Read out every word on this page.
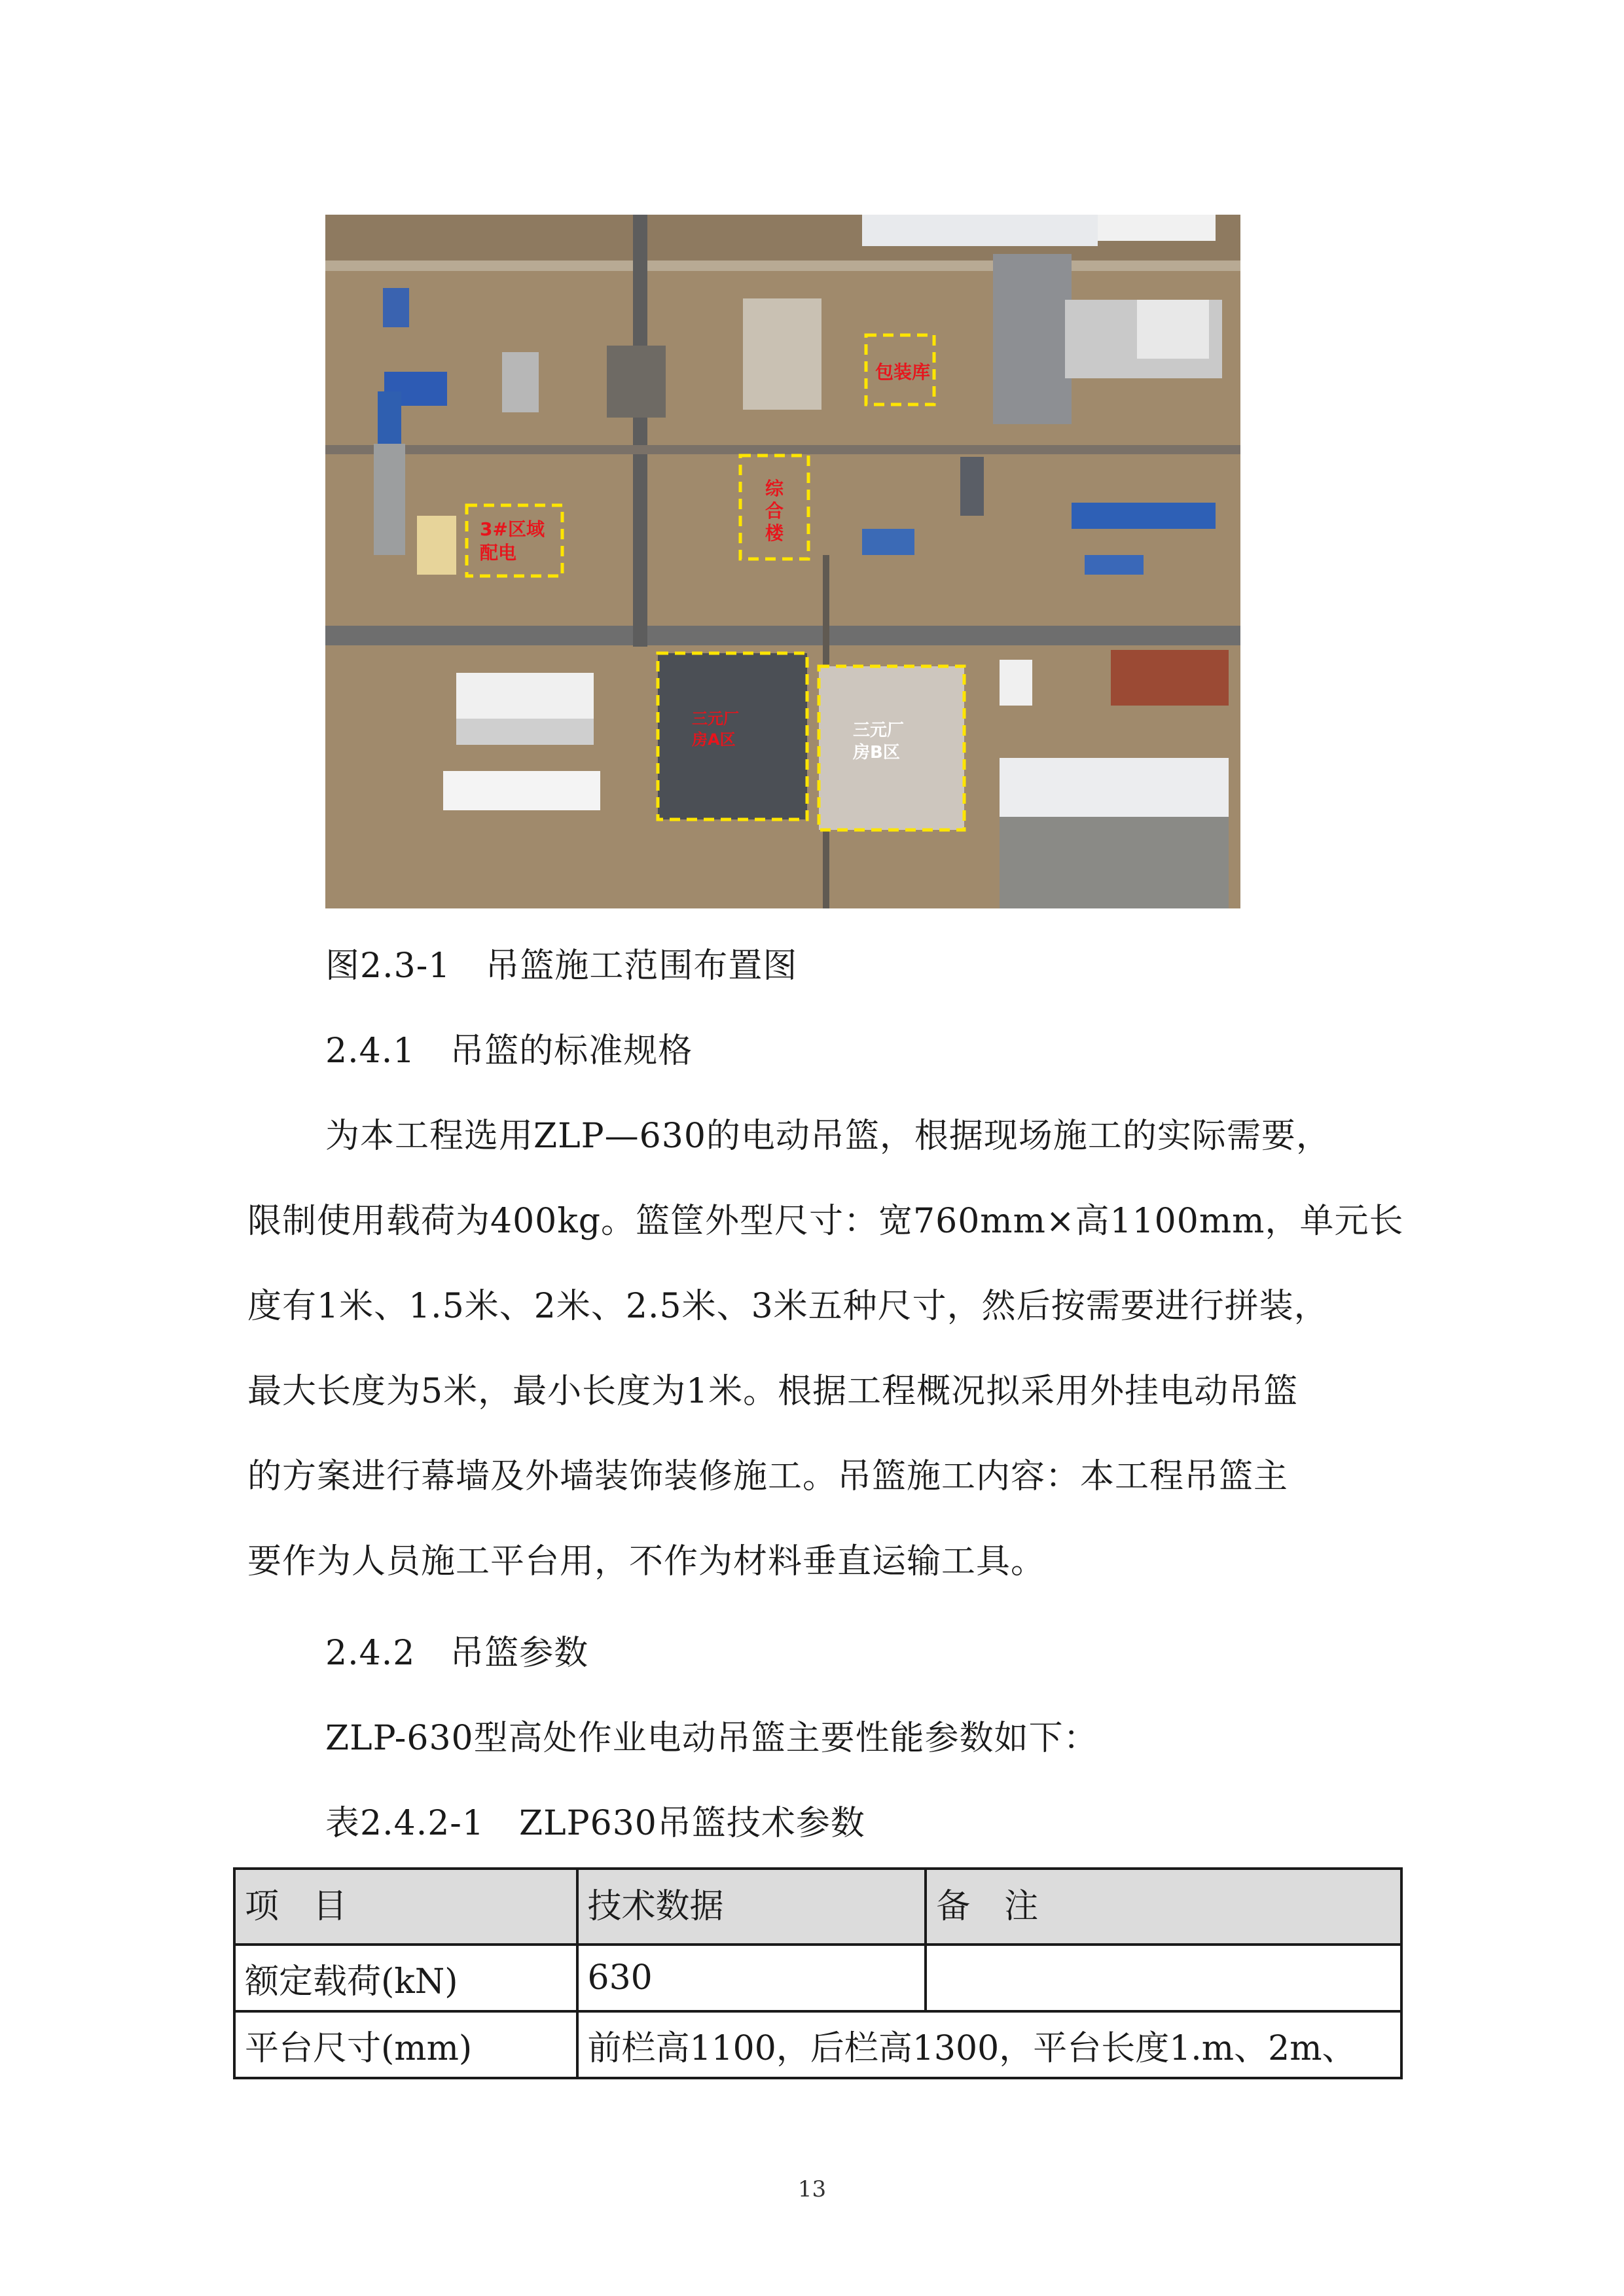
包装库
综
合
楼
3#区域
配电
三元厂
房A区	三元厂
房B区
图2.3-1　吊篮施工范围布置图
2.4.1　吊篮的标准规格
为本工程选用ZLP—630的电动吊篮，根据现场施工的实际需要，
限制使用载荷为400kg。篮筐外型尺寸：宽760mm×高1100mm，单元长
度有1米、1.5米、2米、2.5米、3米五种尺寸，然后按需要进行拼装，
最大长度为5米，最小长度为1米。根据工程概况拟采用外挂电动吊篮
的方案进行幕墙及外墙装饰装修施工。吊篮施工内容：本工程吊篮主
要作为人员施工平台用，不作为材料垂直运输工具。
2.4.2　吊篮参数
ZLP-630型高处作业电动吊篮主要性能参数如下：
表2.4.2-1　ZLP630吊篮技术参数
项　目	技术数据	备　注
额定载荷(kN)	630	
平台尺寸(mm)	前栏高1100，后栏高1300，平台长度1.m、2m、	
13
